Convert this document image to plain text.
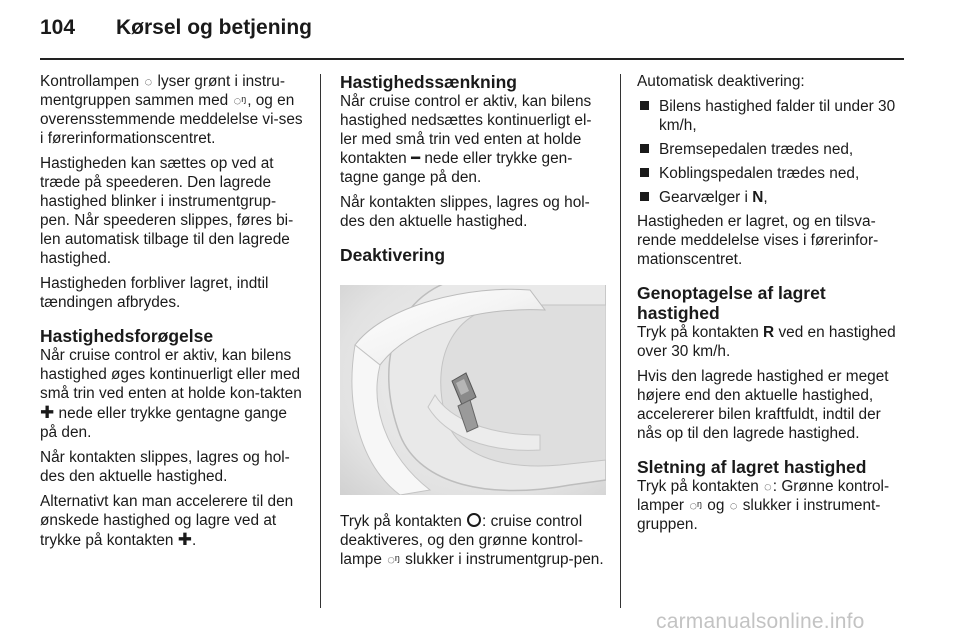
104 Kørsel og betjening

Kontrollampen ◌ lyser grønt i instru-mentgruppen sammen med ◌ᵑ, og en overensstemmende meddelelse vi-ses i førerinformationscentret.

Hastigheden kan sættes op ved at træde på speederen. Den lagrede hastighed blinker i instrumentgrup-pen. Når speederen slippes, føres bi-len automatisk tilbage til den lagrede hastighed.

Hastigheden forbliver lagret, indtil tændingen afbrydes.

Hastighedsforøgelse

Når cruise control er aktiv, kan bilens hastighed øges kontinuerligt eller med små trin ved enten at holde kon-takten ✚ nede eller trykke gentagne gange på den.

Når kontakten slippes, lagres og hol-des den aktuelle hastighed.

Alternativt kan man accelerere til den ønskede hastighed og lagre ved at trykke på kontakten ✚.

Hastighedssænkning

Når cruise control er aktiv, kan bilens hastighed nedsættes kontinuerligt el-ler med små trin ved enten at holde kontakten ━ nede eller trykke gen-tagne gange på den.

Når kontakten slippes, lagres og hol-des den aktuelle hastighed.

Deaktivering

Tryk på kontakten : cruise control deaktiveres, og den grønne kontrol-lampe ◌ᵑ slukker i instrumentgrup-pen.

Automatisk deaktivering:

Bilens hastighed falder til under 30 km/h,
Bremsepedalen trædes ned,
Koblingspedalen trædes ned,
Gearvælger i N,

Hastigheden er lagret, og en tilsva-rende meddelelse vises i førerinfor-mationscentret.

Genoptagelse af lagret hastighed

Tryk på kontakten R ved en hastighed over 30 km/h.

Hvis den lagrede hastighed er meget højere end den aktuelle hastighed, accelererer bilen kraftfuldt, indtil der nås op til den lagrede hastighed.

Sletning af lagret hastighed

Tryk på kontakten ◌: Grønne kontrol-lamper ◌ᵑ og ◌ slukker i instrument-gruppen.

carmanualsonline.info
